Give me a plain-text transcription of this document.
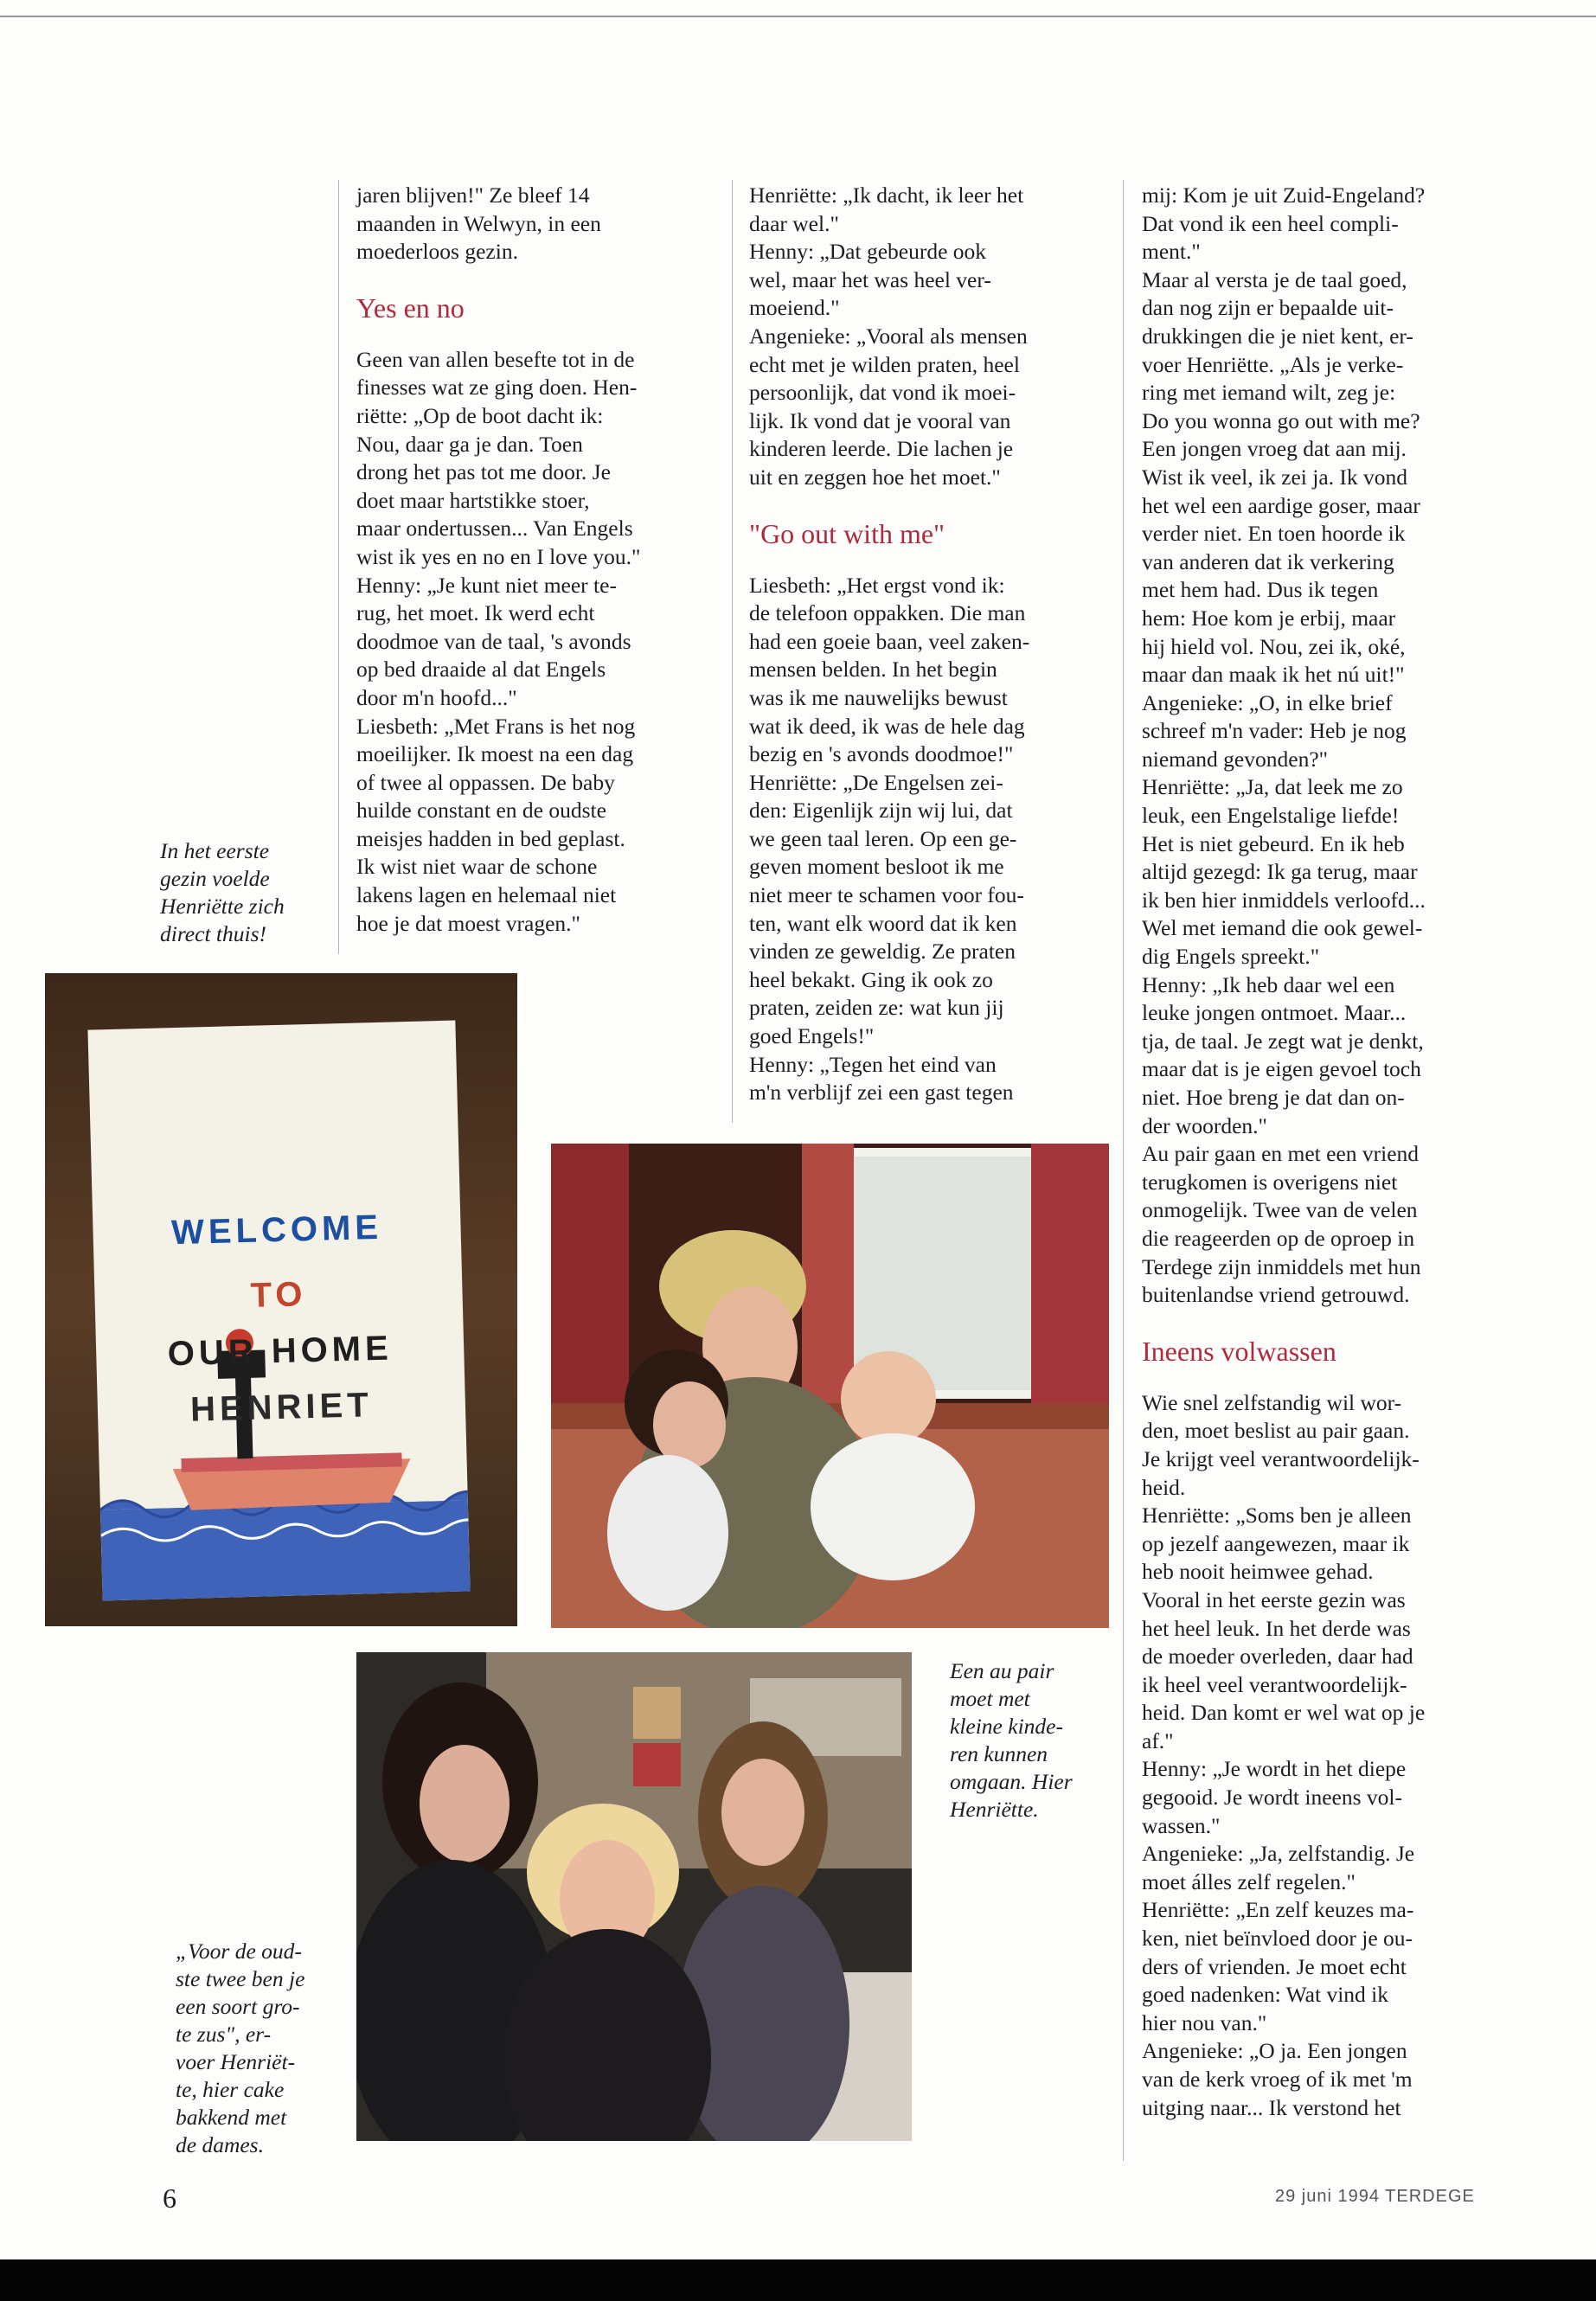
jaren blijven!" Ze bleef 14
maanden in Welwyn, in een
moederloos gezin.

Yes en no

Geen van allen besefte tot in de
finesses wat ze ging doen. Hen-
riëtte: „Op de boot dacht ik:
Nou, daar ga je dan. Toen
drong het pas tot me door. Je
doet maar hartstikke stoer,
maar ondertussen... Van Engels
wist ik yes en no en I love you."
Henny: „Je kunt niet meer te-
rug, het moet. Ik werd echt
doodmoe van de taal, 's avonds
op bed draaide al dat Engels
door m'n hoofd..."
Liesbeth: „Met Frans is het nog
moeilijker. Ik moest na een dag
of twee al oppassen. De baby
huilde constant en de oudste
meisjes hadden in bed geplast.
Ik wist niet waar de schone
lakens lagen en helemaal niet
hoe je dat moest vragen."

Henriëtte: „Ik dacht, ik leer het
daar wel."
Henny: „Dat gebeurde ook
wel, maar het was heel ver-
moeiend."
Angenieke: „Vooral als mensen
echt met je wilden praten, heel
persoonlijk, dat vond ik moei-
lijk. Ik vond dat je vooral van
kinderen leerde. Die lachen je
uit en zeggen hoe het moet."

"Go out with me"

Liesbeth: „Het ergst vond ik:
de telefoon oppakken. Die man
had een goeie baan, veel zaken-
mensen belden. In het begin
was ik me nauwelijks bewust
wat ik deed, ik was de hele dag
bezig en 's avonds doodmoe!"
Henriëtte: „De Engelsen zei-
den: Eigenlijk zijn wij lui, dat
we geen taal leren. Op een ge-
geven moment besloot ik me
niet meer te schamen voor fou-
ten, want elk woord dat ik ken
vinden ze geweldig. Ze praten
heel bekakt. Ging ik ook zo
praten, zeiden ze: wat kun jij
goed Engels!"
Henny: „Tegen het eind van
m'n verblijf zei een gast tegen

mij: Kom je uit Zuid-Engeland?
Dat vond ik een heel compli-
ment."
Maar al versta je de taal goed,
dan nog zijn er bepaalde uit-
drukkingen die je niet kent, er-
voer Henriëtte. „Als je verke-
ring met iemand wilt, zeg je:
Do you wonna go out with me?
Een jongen vroeg dat aan mij.
Wist ik veel, ik zei ja. Ik vond
het wel een aardige goser, maar
verder niet. En toen hoorde ik
van anderen dat ik verkering
met hem had. Dus ik tegen
hem: Hoe kom je erbij, maar
hij hield vol. Nou, zei ik, oké,
maar dan maak ik het nú uit!"
Angenieke: „O, in elke brief
schreef m'n vader: Heb je nog
niemand gevonden?"
Henriëtte: „Ja, dat leek me zo
leuk, een Engelstalige liefde!
Het is niet gebeurd. En ik heb
altijd gezegd: Ik ga terug, maar
ik ben hier inmiddels verloofd...
Wel met iemand die ook gewel-
dig Engels spreekt."
Henny: „Ik heb daar wel een
leuke jongen ontmoet. Maar...
tja, de taal. Je zegt wat je denkt,
maar dat is je eigen gevoel toch
niet. Hoe breng je dat dan on-
der woorden."
Au pair gaan en met een vriend
terugkomen is overigens niet
onmogelijk. Twee van de velen
die reageerden op de oproep in
Terdege zijn inmiddels met hun
buitenlandse vriend getrouwd.

Ineens volwassen

Wie snel zelfstandig wil wor-
den, moet beslist au pair gaan.
Je krijgt veel verantwoordelijk-
heid.
Henriëtte: „Soms ben je alleen
op jezelf aangewezen, maar ik
heb nooit heimwee gehad.
Vooral in het eerste gezin was
het heel leuk. In het derde was
de moeder overleden, daar had
ik heel veel verantwoordelijk-
heid. Dan komt er wel wat op je
af."
Henny: „Je wordt in het diepe
gegooid. Je wordt ineens vol-
wassen."
Angenieke: „Ja, zelfstandig. Je
moet álles zelf regelen."
Henriëtte: „En zelf keuzes ma-
ken, niet beïnvloed door je ou-
ders of vrienden. Je moet echt
goed nadenken: Wat vind ik
hier nou van."
Angenieke: „O ja. Een jongen
van de kerk vroeg of ik met 'm
uitging naar... Ik verstond het

In het eerste
gezin voelde
Henriëtte zich
direct thuis!

Een au pair
moet met
kleine kinde-
ren kunnen
omgaan. Hier
Henriëtte.

„Voor de oud-
ste twee ben je
een soort gro-
te zus", er-
voer Henriët-
te, hier cake
bakkend met
de dames.

WELCOME

TO

OUR HOME

HENRIET

6	29 juni 1994 TERDEGE
